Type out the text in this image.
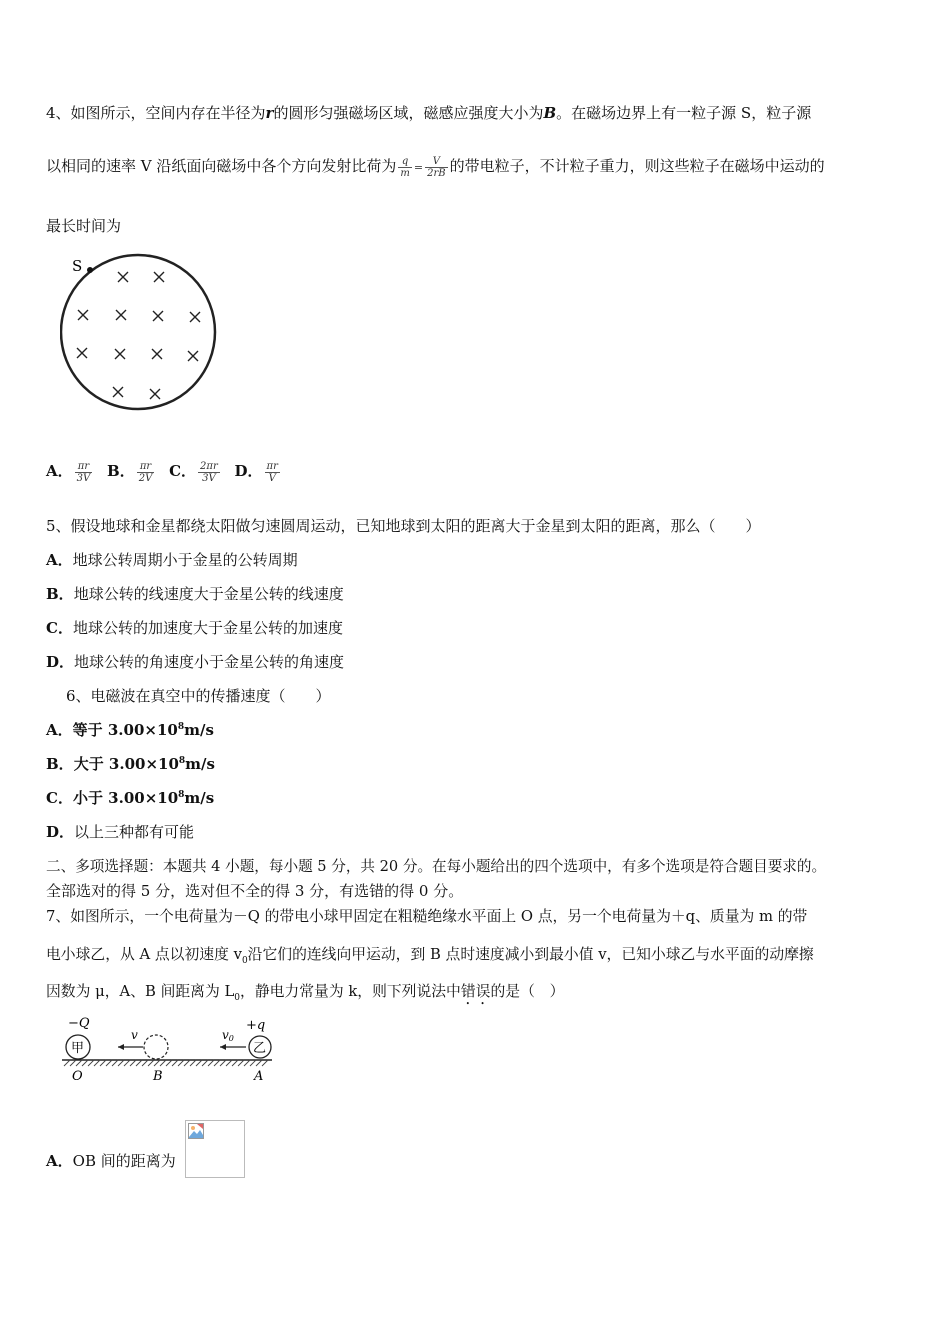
4、如图所示，空间内存在半径为r的圆形匀强磁场区域，磁感应强度大小为B。在磁场边界上有一粒子源 S，粒子源
以相同的速率 V 沿纸面向磁场中各个方向发射比荷为 $\frac{q}{m} = \frac{V}{2rB}$ 的带电粒子，不计粒子重力，则这些粒子在磁场中运动的
最长时间为
S
A． $\frac{\pi r}{3V}$ B． $\frac{\pi r}{2V}$ C． $\frac{2\pi r}{3V}$ D． $\frac{\pi r}{V}$
5、假设地球和金星都绕太阳做匀速圆周运动，已知地球到太阳的距离大于金星到太阳的距离，那么（　　）
A．地球公转周期小于金星的公转周期
B．地球公转的线速度大于金星公转的线速度
C．地球公转的加速度大于金星公转的加速度
D．地球公转的角速度小于金星公转的角速度
6、电磁波在真空中的传播速度（　　）
A．等于 $3.00\times 10^8m/s$
B．大于 $3.00\times 10^8m/s$
C．小于 $3.00\times 10^8m/s$
D．以上三种都有可能
二、多项选择题：本题共 4 小题，每小题 5 分，共 20 分。在每小题给出的四个选项中，有多个选项是符合题目要求的。
全部选对的得 5 分，选对但不全的得 3 分，有选错的得 0 分。
7、如图所示，一个电荷量为－Q 的带电小球甲固定在粗糙绝缘水平面上 O 点，另一个电荷量为＋q、质量为 m 的带
电小球乙，从 A 点以初速度 $v_0$沿它们的连线向甲运动，到 B 点时速度减小到最小值 v，已知小球乙与水平面的动摩擦
因数为 μ，A、B 间距离为 $L_0$，静电力常量为 k，则下列说法中错误的是（　）
−Q	+q
甲
v
乙
v0
O	B	A
A．OB 间的距离为
